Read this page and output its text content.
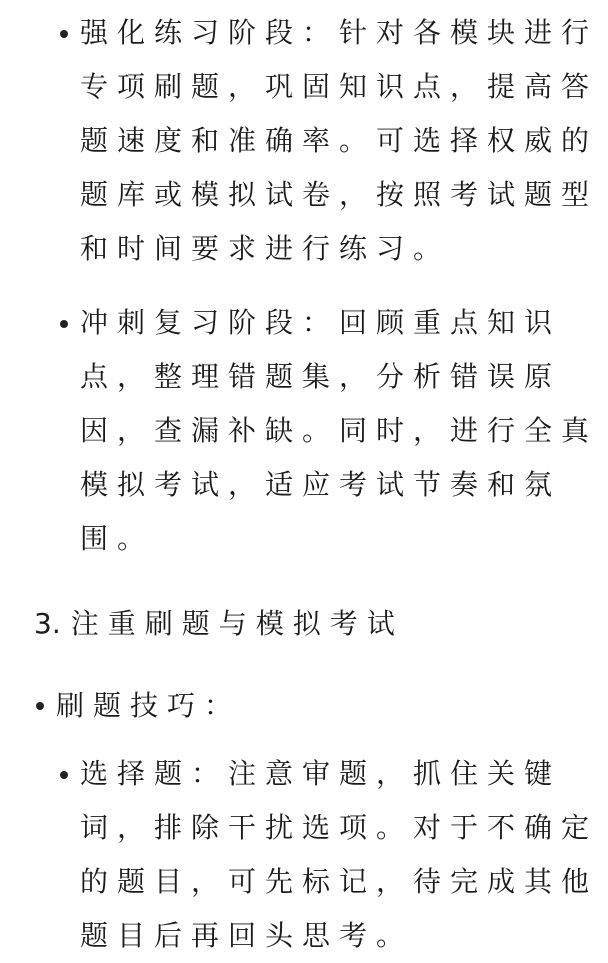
强化练习阶段：针对各模块进行
专项刷题，巩固知识点，提高答
题速度和准确率。可选择权威的
题库或模拟试卷，按照考试题型
和时间要求进行练习。
冲刺复习阶段：回顾重点知识
点，整理错题集，分析错误原
因，查漏补缺。同时，进行全真
模拟考试，适应考试节奏和氛
围。
3. 注重刷题与模拟考试
刷题技巧：
选择题：注意审题，抓住关键
词，排除干扰选项。对于不确定
的题目，可先标记，待完成其他
题目后再回头思考。
